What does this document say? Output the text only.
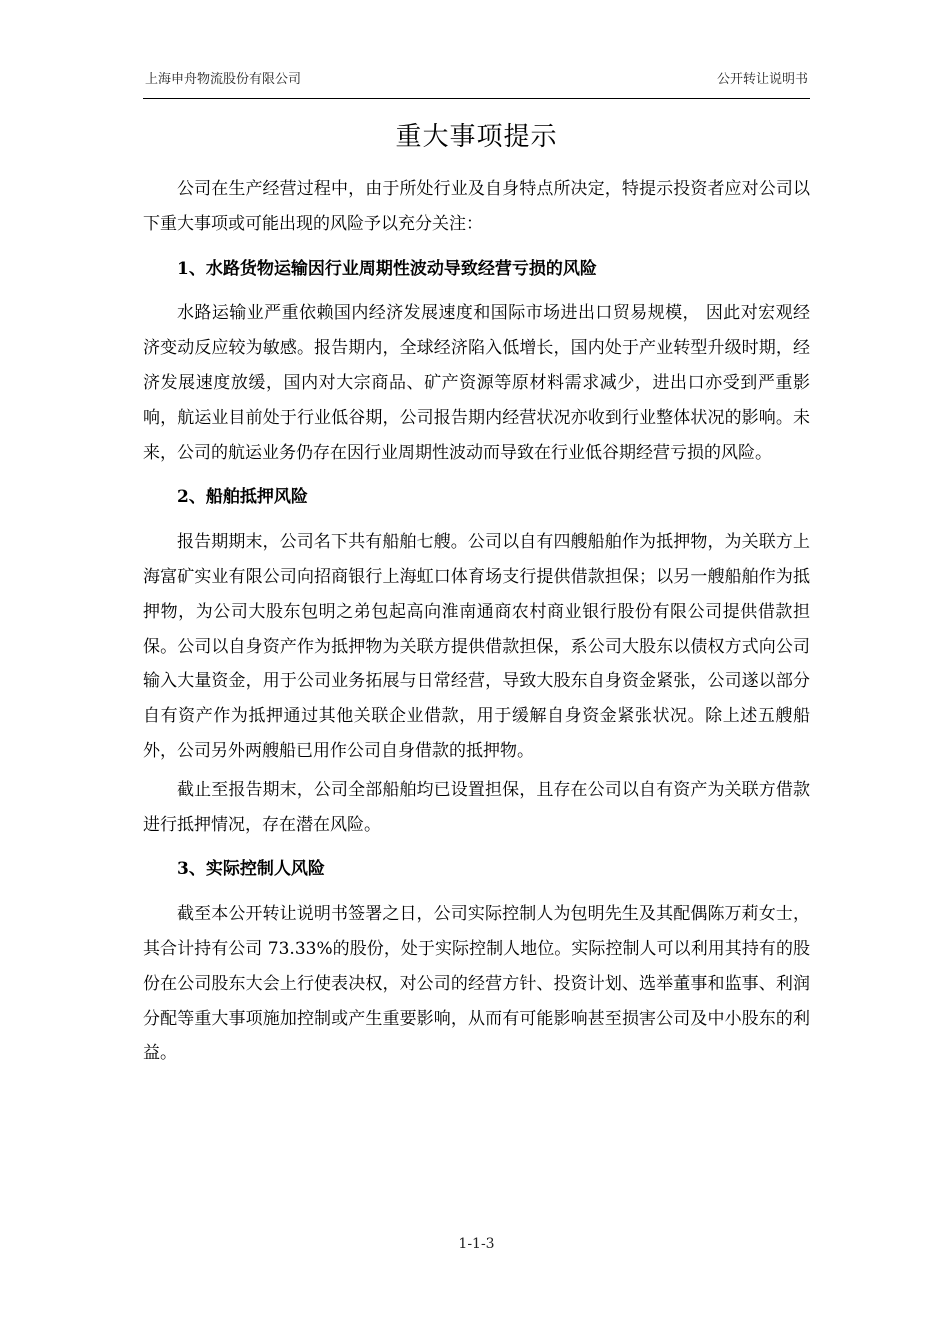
上海申舟物流股份有限公司	公开转让说明书
重大事项提示

公司在生产经营过程中，由于所处行业及自身特点所决定，特提示投资者应对公司以下重大事项或可能出现的风险予以充分关注：

1、水路货物运输因行业周期性波动导致经营亏损的风险

水路运输业严重依赖国内经济发展速度和国际市场进出口贸易规模， 因此对宏观经济变动反应较为敏感。报告期内，全球经济陷入低增长，国内处于产业转型升级时期，经济发展速度放缓，国内对大宗商品、矿产资源等原材料需求减少，进出口亦受到严重影响，航运业目前处于行业低谷期，公司报告期内经营状况亦收到行业整体状况的影响。未来，公司的航运业务仍存在因行业周期性波动而导致在行业低谷期经营亏损的风险。

2、船舶抵押风险

报告期期末，公司名下共有船舶七艘。公司以自有四艘船舶作为抵押物，为关联方上海富矿实业有限公司向招商银行上海虹口体育场支行提供借款担保；以另一艘船舶作为抵押物，为公司大股东包明之弟包起高向淮南通商农村商业银行股份有限公司提供借款担保。公司以自身资产作为抵押物为关联方提供借款担保，系公司大股东以债权方式向公司输入大量资金，用于公司业务拓展与日常经营，导致大股东自身资金紧张，公司遂以部分自有资产作为抵押通过其他关联企业借款，用于缓解自身资金紧张状况。除上述五艘船外，公司另外两艘船已用作公司自身借款的抵押物。

截止至报告期末，公司全部船舶均已设置担保，且存在公司以自有资产为关联方借款进行抵押情况，存在潜在风险。

3、实际控制人风险

截至本公开转让说明书签署之日，公司实际控制人为包明先生及其配偶陈万莉女士，其合计持有公司 73.33%的股份，处于实际控制人地位。实际控制人可以利用其持有的股份在公司股东大会上行使表决权，对公司的经营方针、投资计划、选举董事和监事、利润分配等重大事项施加控制或产生重要影响，从而有可能影响甚至损害公司及中小股东的利益。

1-1-3
